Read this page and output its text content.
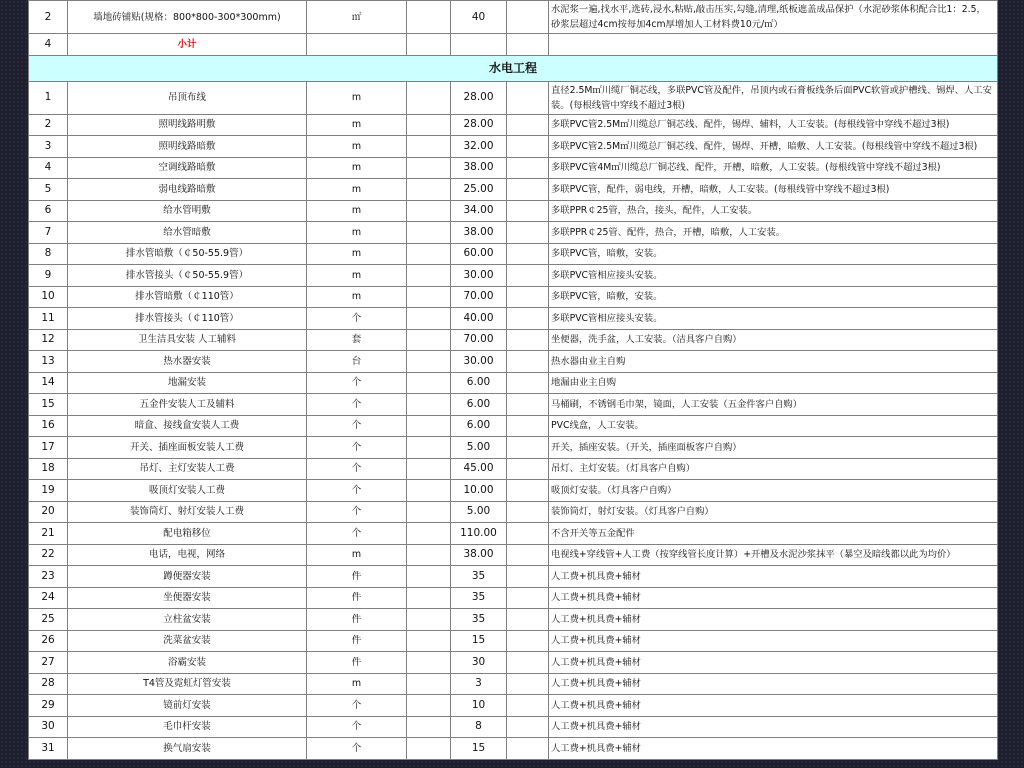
2	墙地砖铺贴(规格：800*800-300*300mm)	㎡		40		水泥浆一遍,找水平,选砖,浸水,粘贴,敲击压实,勾缝,清理,纸板遮盖成品保护（水泥砂浆体积配合比1：2.5，砂浆层超过4cm按每加4cm厚增加人工材料费10元/㎡）
4	小计					
水电工程						
1	吊顶布线	m		28.00		直径2.5M㎡川缆厂铜芯线，多联PVC管及配件，吊顶内或石膏板线条后面PVC软管或护槽线、锡焊、人工安装。(每根线管中穿线不超过3根)
2	照明线路明敷	m		28.00		多联PVC管2.5M㎡川缆总厂铜芯线、配件，锡焊、辅料，人工安装。(每根线管中穿线不超过3根)
3	照明线路暗敷	m		32.00		多联PVC管2.5M㎡川缆总厂铜芯线、配件，锡焊、开槽，暗敷、人工安装。(每根线管中穿线不超过3根)
4	空调线路暗敷	m		38.00		多联PVC管4M㎡川缆总厂铜芯线、配件，开槽，暗敷，人工安装。(每根线管中穿线不超过3根)
5	弱电线路暗敷	m		25.00		多联PVC管，配件，弱电线，开槽，暗敷，人工安装。(每根线管中穿线不超过3根)
6	给水管明敷	m		34.00		多联PPR￠25管，热合，接头，配件，人工安装。
7	给水管暗敷	m		38.00		多联PPR￠25管、配件，热合，开槽，暗敷，人工安装。
8	排水管暗敷（￠50-55.9管）	m		60.00		多联PVC管，暗敷，安装。
9	排水管接头（￠50-55.9管）	m		30.00		多联PVC管相应接头安装。
10	排水管暗敷（￠110管）	m		70.00		多联PVC管，暗敷，安装。
11	排水管接头（￠110管）	个		40.00		多联PVC管相应接头安装。
12	卫生洁具安装 人工辅料	套		70.00		坐便器，洗手盆，人工安装。（洁具客户自购）
13	热水器安装	台		30.00		热水器由业主自购
14	地漏安装	个		6.00		地漏由业主自购
15	五金件安装人工及辅料	个		6.00		马桶刷，不锈钢毛巾架，镜面，人工安装（五金件客户自购）
16	暗盒、接线盒安装人工费	个		6.00		PVC线盒，人工安装。
17	开关、插座面板安装人工费	个		5.00		开关，插座安装。（开关，插座面板客户自购）
18	吊灯、主灯安装人工费	个		45.00		吊灯、主灯安装。（灯具客户自购）
19	吸顶灯安装人工费	个		10.00		吸顶灯安装。（灯具客户自购）
20	装饰筒灯、射灯安装人工费	个		5.00		装饰筒灯，射灯安装。（灯具客户自购）
21	配电箱移位	个		110.00		不含开关等五金配件
22	电话，电视，网络	m		38.00		电视线+穿线管+人工费（按穿线管长度计算）+开槽及水泥沙浆抹平（暴空及暗线都以此为均价）
23	蹲便器安装	件		35		人工费+机具费+辅材
24	坐便器安装	件		35		人工费+机具费+辅材
25	立柱盆安装	件		35		人工费+机具费+辅材
26	洗菜盆安装	件		15		人工费+机具费+辅材
27	浴霸安装	件		30		人工费+机具费+辅材
28	T4管及霓虹灯管安装	m		3		人工费+机具费+辅材
29	镜前灯安装	个		10		人工费+机具费+辅材
30	毛巾杆安装	个		8		人工费+机具费+辅材
31	换气扇安装	个		15		人工费+机具费+辅材
